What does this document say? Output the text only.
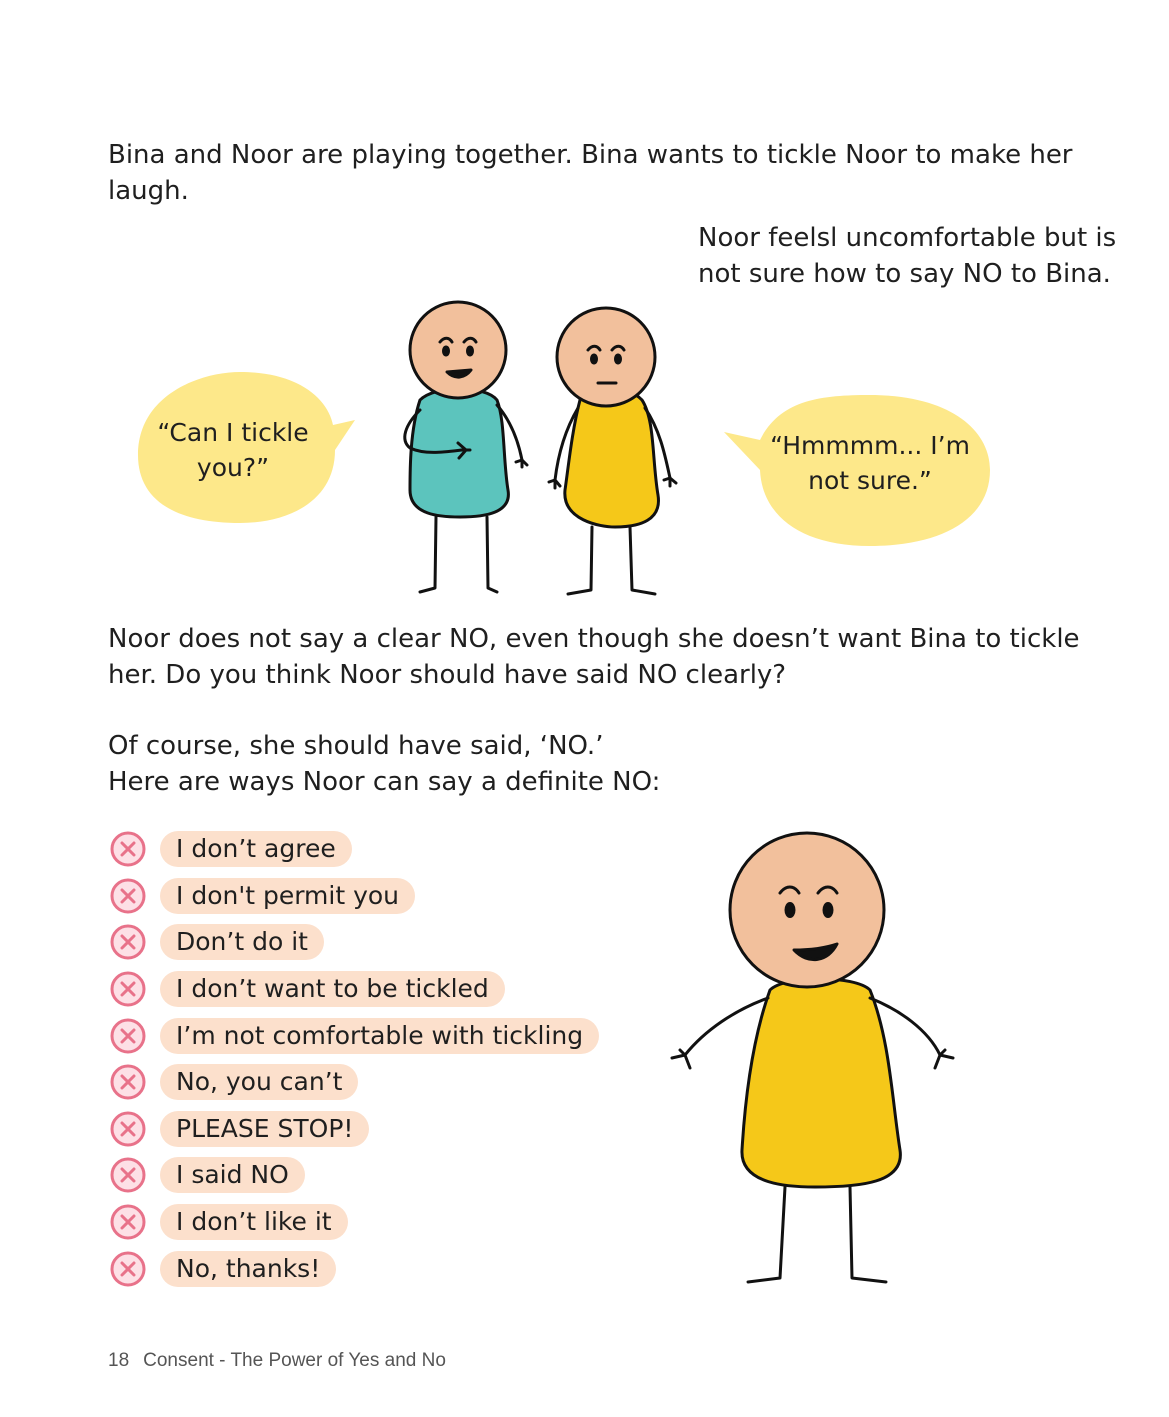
Bina and Noor are playing together. Bina wants to tickle Noor to make her laugh.

Noor feelsl uncomfortable but is not sure how to say NO to Bina.

“Can I tickle you?”

“Hmmmm... I’m not sure.”

Noor does not say a clear NO, even though she doesn’t want Bina to tickle her. Do you think Noor should have said NO clearly?

Of course, she should have said, ‘NO.’
Here are ways Noor can say a definite NO:
I don’t agree
I don't permit you
Don’t do it
I don’t want to be tickled
I’m not comfortable with tickling
No, you can’t
PLEASE STOP!
I said NO
I don’t like it
No, thanks!
18 Consent - The Power of Yes and No
